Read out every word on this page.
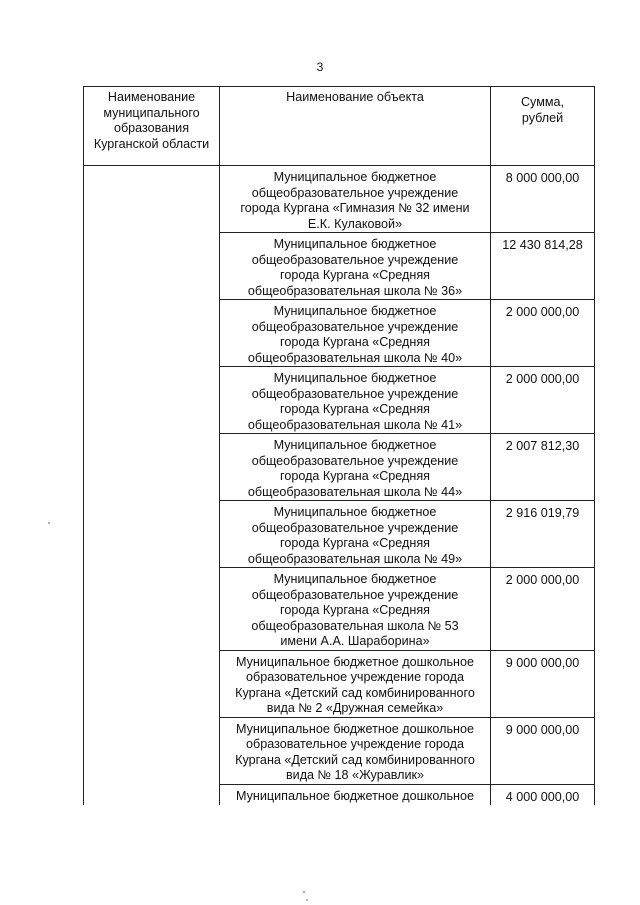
3
Наименование
муниципального
образования
Курганской области	Наименование объекта	Сумма,
рублей

	Муниципальное бюджетное
общеобразовательное учреждение
города Кургана «Гимназия № 32 имени
Е.К. Кулаковой»	8 000 000,00

	Муниципальное бюджетное
общеобразовательное учреждение
города Кургана «Средняя
общеобразовательная школа № 36»	12 430 814,28

	Муниципальное бюджетное
общеобразовательное учреждение
города Кургана «Средняя
общеобразовательная школа № 40»	2 000 000,00

	Муниципальное бюджетное
общеобразовательное учреждение
города Кургана «Средняя
общеобразовательная школа № 41»	2 000 000,00

	Муниципальное бюджетное
общеобразовательное учреждение
города Кургана «Средняя
общеобразовательная школа № 44»	2 007 812,30

	Муниципальное бюджетное
общеобразовательное учреждение
города Кургана «Средняя
общеобразовательная школа № 49»	2 916 019,79

	Муниципальное бюджетное
общеобразовательное учреждение
города Кургана «Средняя
общеобразовательная школа № 53
имени А.А. Шараборина»	2 000 000,00

	Муниципальное бюджетное дошкольное
образовательное учреждение города
Кургана «Детский сад комбинированного
вида № 2 «Дружная семейка»	9 000 000,00

	Муниципальное бюджетное дошкольное
образовательное учреждение города
Кургана «Детский сад комбинированного
вида № 18 «Журавлик»	9 000 000,00

	Муниципальное бюджетное дошкольное	4 000 000,00
